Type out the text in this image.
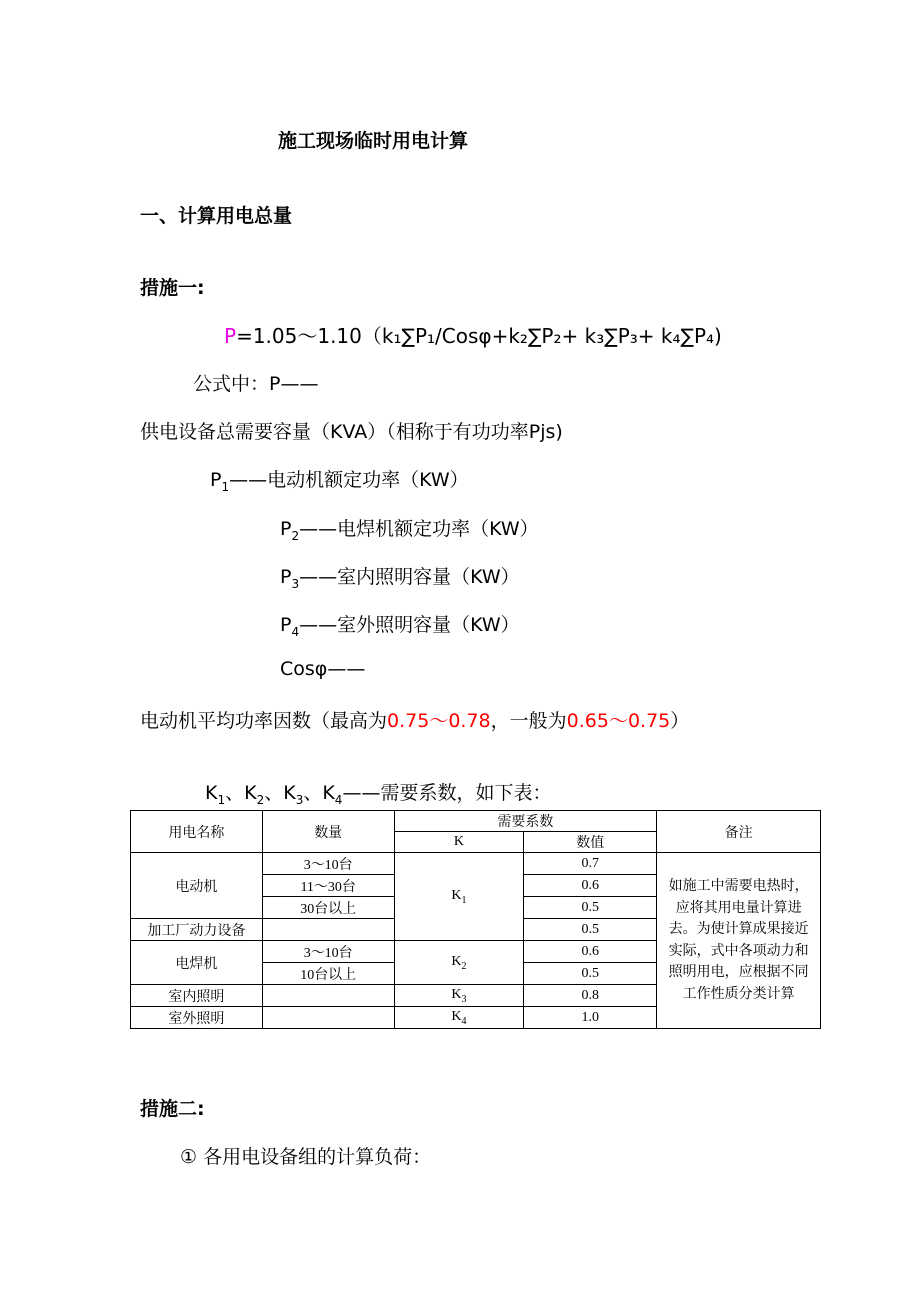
施工现场临时用电计算
一、计算用电总量
措施一:
P=1.05～1.10（k₁∑P₁/Cosφ+k₂∑P₂+ k₃∑P₃+ k₄∑P₄)
公式中：P——
供电设备总需要容量（KVA）（相称于有功功率Pjs)
$P_1——$电动机额定功率（KW）
$P_2——$电焊机额定功率（KW）
$P_3——$室内照明容量（KW）
$P_4——$室外照明容量（KW）
Cosφ——
电动机平均功率因数（最高为0.75～0.78，一般为0.65～0.75）
$K_1$、$K_2$、$K_3$、$K_4——$需要系数，如下表：
用电名称	数量	需要系数		备注
		K	数值	
电动机	3～10台	$K_1$	0.7	如施工中需要电热时，应将其用电量计算进去。为使计算成果接近实际，式中各项动力和照明用电，应根据不同工作性质分类计算
	11～30台		0.6	
	30台以上		0.5	
加工厂动力设备			0.5	
电焊机	3～10台	$K_2$	0.6	
	10台以上		0.5	
室内照明		$K_3$	0.8	
室外照明		$K_4$	1.0	
措施二:
① 各用电设备组的计算负荷：
